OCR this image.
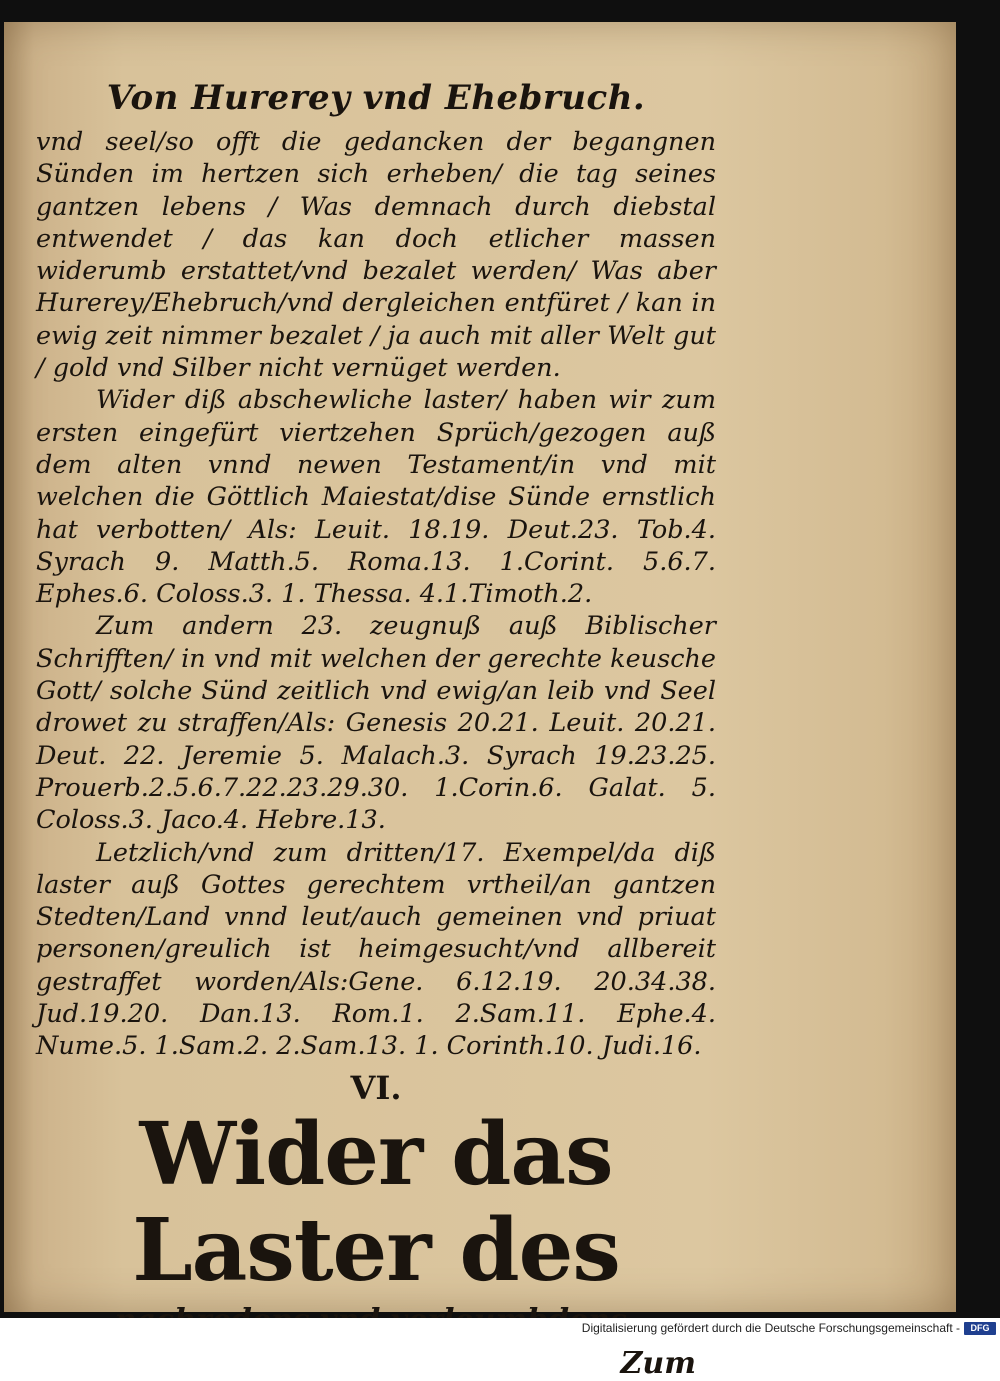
Von Hurerey vnd Ehebruch.

vnd seel/so offt die gedancken der begangnen Sünden im hertzen sich erheben/ die tag seines gantzen lebens / Was demnach durch diebstal entwendet / das kan doch etlicher massen widerumb erstattet/vnd bezalet werden/ Was aber Hurerey/Ehebruch/vnd dergleichen entfüret / kan in ewig zeit nimmer bezalet / ja auch mit aller Welt gut / gold vnd Silber nicht vernüget werden.

Wider diß abschewliche laster/ haben wir zum ersten eingefürt viertzehen Sprüch/gezogen auß dem alten vnnd newen Testament/in vnd mit welchen die Göttlich Maiestat/dise Sünde ernstlich hat verbotten/ Als: Leuit. 18.19. Deut.23. Tob.4. Syrach 9. Matth.5. Roma.13. 1.Corint. 5.6.7. Ephes.6. Coloss.3. 1. Thessa. 4.1.Timoth.2.

Zum andern 23. zeugnuß auß Biblischer Schrifften/ in vnd mit welchen der gerechte keusche Gott/ solche Sünd zeitlich vnd ewig/an leib vnd Seel drowet zu straffen/Als: Genesis 20.21. Leuit. 20.21. Deut. 22. Jeremie 5. Malach.3. Syrach 19.23.25. Prouerb.2.5.6.7.22.23.29.30. 1.Corin.6. Galat. 5. Coloss.3. Jaco.4. Hebre.13.

Letzlich/vnd zum dritten/17. Exempel/da diß laster auß Gottes gerechtem vrtheil/an gantzen Stedten/Land vnnd leut/auch gemeinen vnd priuat personen/greulich ist heimgesucht/vnd allbereit gestraffet worden/Als:Gene. 6.12.19. 20.34.38. Jud.19.20. Dan.13. Rom.1. 2.Sam.11. Ephe.4. Nume.5. 1.Sam.2. 2.Sam.13. 1. Corinth.10. Judi.16.

VI.
Wider das Laster des
Zum
Digitalisierung gefördert durch die Deutsche Forschungsgemeinschaft -	DFG
